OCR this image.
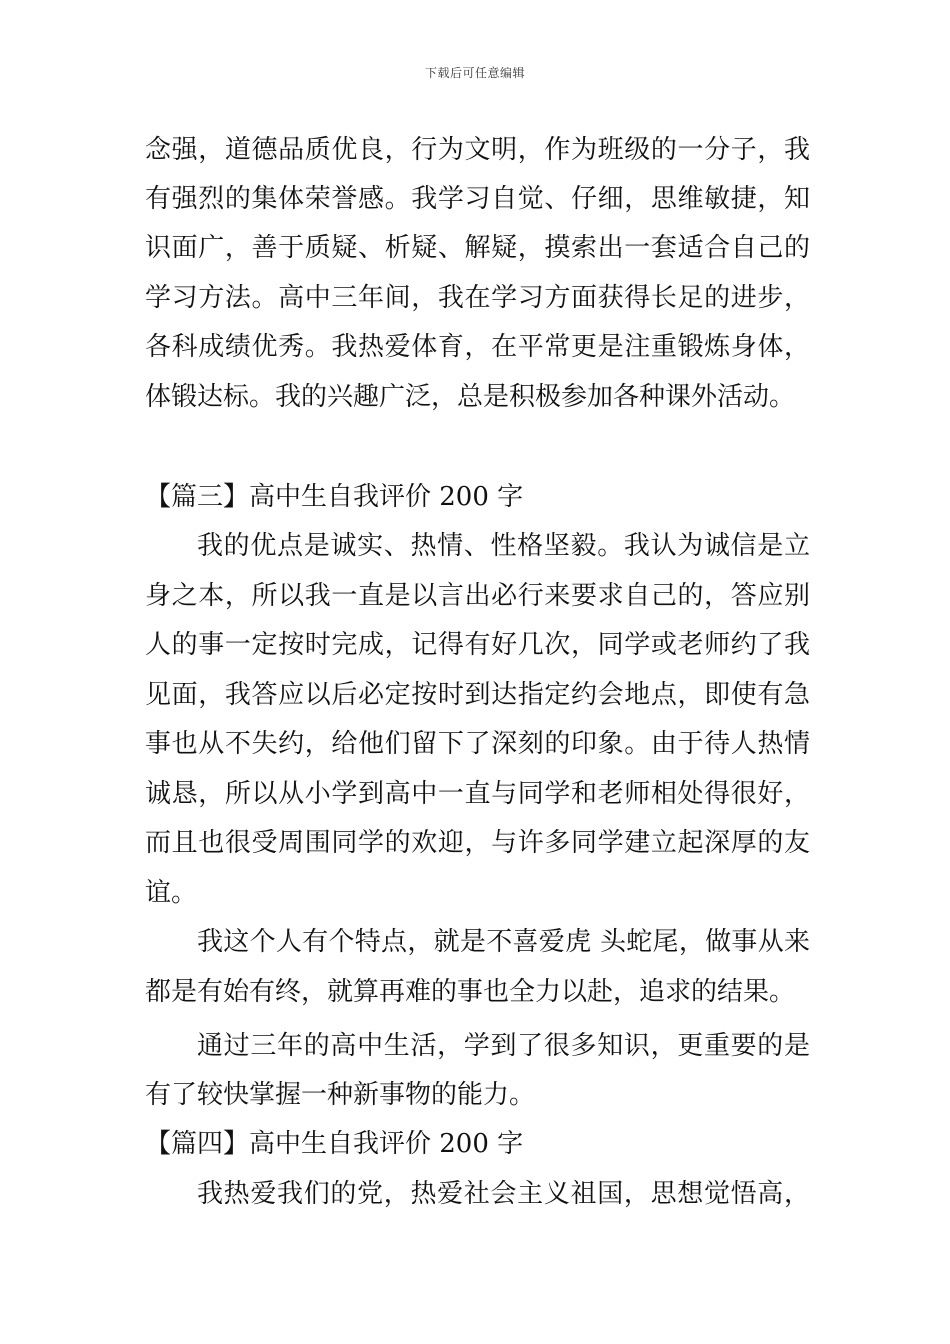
下载后可任意编辑
念强，道德品质优良，行为文明，作为班级的一分子，我
有强烈的集体荣誉感。我学习自觉、仔细，思维敏捷，知
识面广，善于质疑、析疑、解疑，摸索出一套适合自己的
学习方法。高中三年间，我在学习方面获得长足的进步，
各科成绩优秀。我热爱体育，在平常更是注重锻炼身体，
体锻达标。我的兴趣广泛，总是积极参加各种课外活动。
【篇三】高中生自我评价 200 字
我的优点是诚实、热情、性格坚毅。我认为诚信是立
身之本，所以我一直是以言出必行来要求自己的，答应别
人的事一定按时完成，记得有好几次，同学或老师约了我
见面，我答应以后必定按时到达指定约会地点，即使有急
事也从不失约，给他们留下了深刻的印象。由于待人热情
诚恳，所以从小学到高中一直与同学和老师相处得很好，
而且也很受周围同学的欢迎，与许多同学建立起深厚的友
谊。
我这个人有个特点，就是不喜爱虎 头蛇尾，做事从来
都是有始有终，就算再难的事也全力以赴，追求的结果。
通过三年的高中生活，学到了很多知识，更重要的是
有了较快掌握一种新事物的能力。
【篇四】高中生自我评价 200 字
我热爱我们的党，热爱社会主义祖国，思想觉悟高，
